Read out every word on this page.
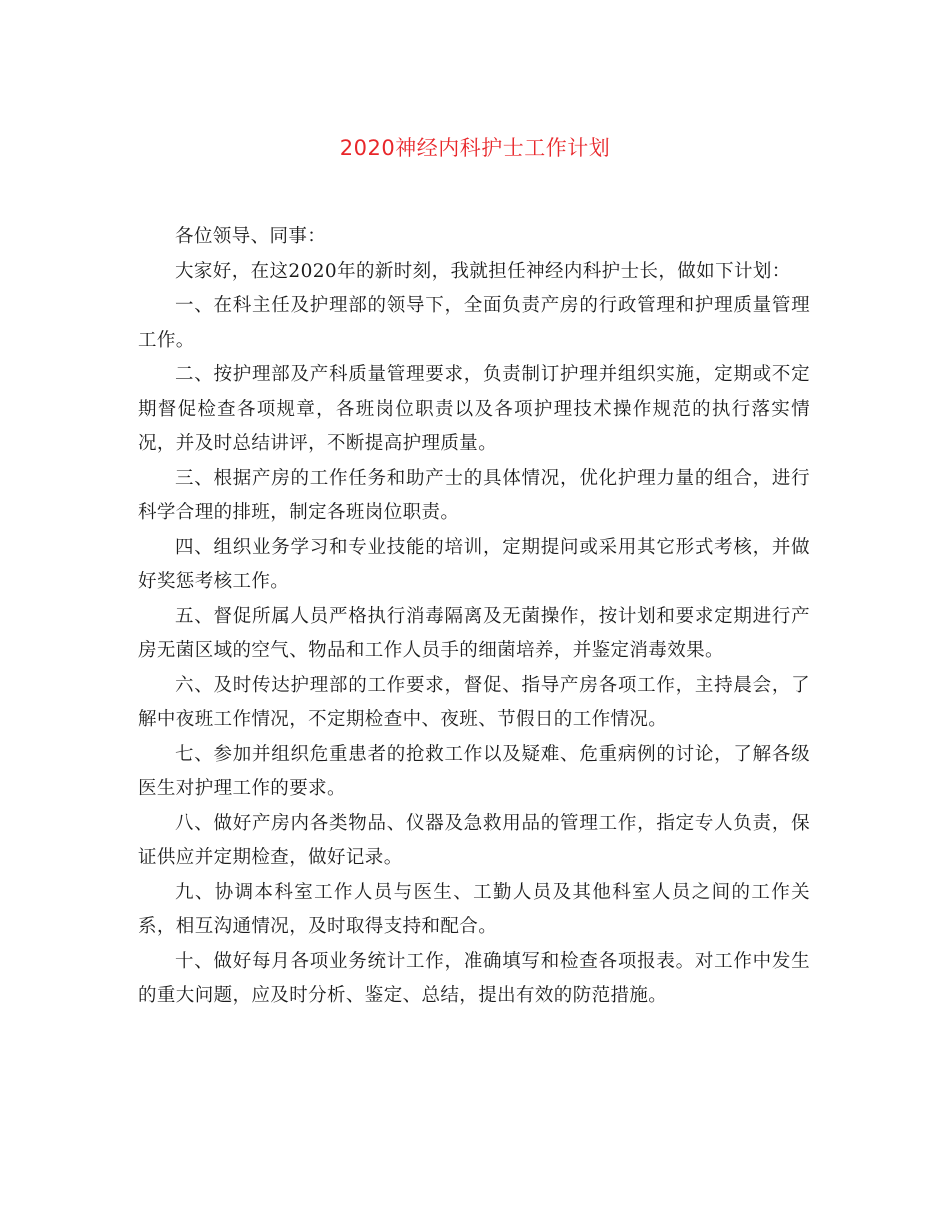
2020神经内科护士工作计划

各位领导、同事：

大家好，在这2020年的新时刻，我就担任神经内科护士长，做如下计划：

一、在科主任及护理部的领导下，全面负责产房的行政管理和护理质量管理工作。

二、按护理部及产科质量管理要求，负责制订护理并组织实施，定期或不定期督促检查各项规章，各班岗位职责以及各项护理技术操作规范的执行落实情况，并及时总结讲评，不断提高护理质量。

三、根据产房的工作任务和助产士的具体情况，优化护理力量的组合，进行科学合理的排班，制定各班岗位职责。

四、组织业务学习和专业技能的培训，定期提问或采用其它形式考核，并做好奖惩考核工作。

五、督促所属人员严格执行消毒隔离及无菌操作，按计划和要求定期进行产房无菌区域的空气、物品和工作人员手的细菌培养，并鉴定消毒效果。

六、及时传达护理部的工作要求，督促、指导产房各项工作，主持晨会，了解中夜班工作情况，不定期检查中、夜班、节假日的工作情况。

七、参加并组织危重患者的抢救工作以及疑难、危重病例的讨论，了解各级医生对护理工作的要求。

八、做好产房内各类物品、仪器及急救用品的管理工作，指定专人负责，保证供应并定期检查，做好记录。

九、协调本科室工作人员与医生、工勤人员及其他科室人员之间的工作关系，相互沟通情况，及时取得支持和配合。

十、做好每月各项业务统计工作，准确填写和检查各项报表。对工作中发生的重大问题，应及时分析、鉴定、总结，提出有效的防范措施。
